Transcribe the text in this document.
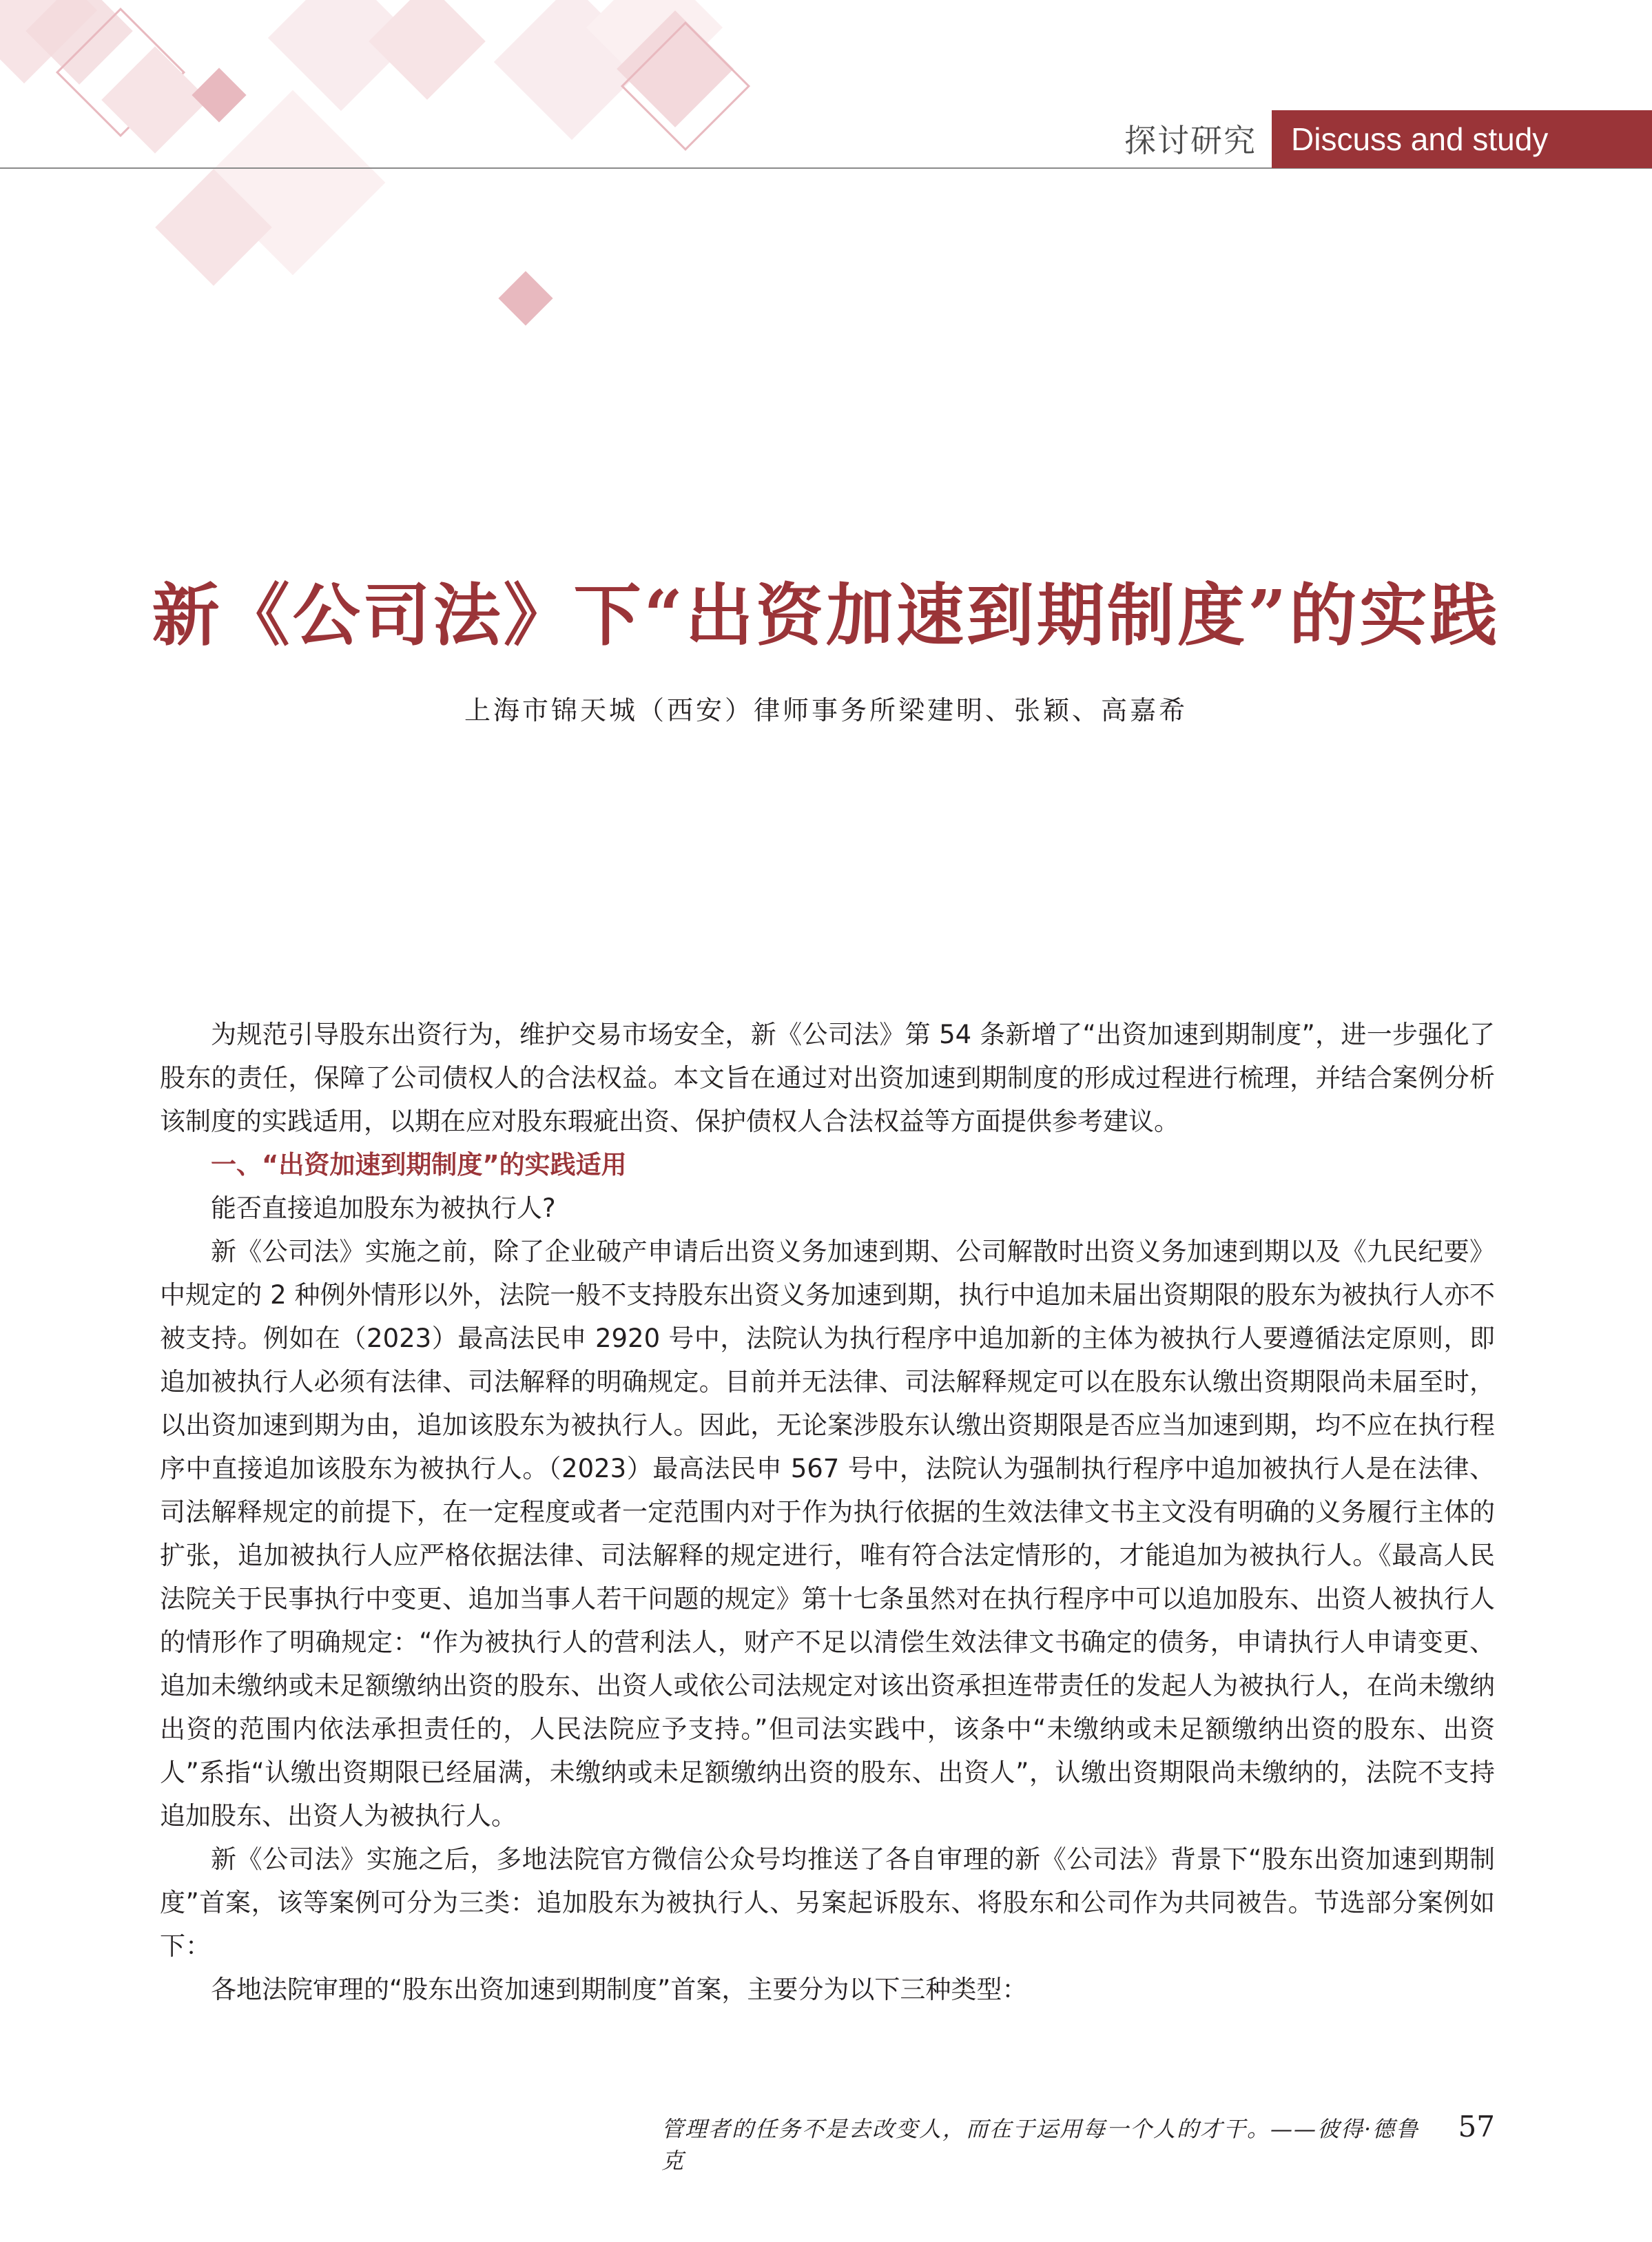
探讨研究	Discuss and study
新《公司法》下“出资加速到期制度”的实践
上海市锦天城（西安）律师事务所梁建明、张颖、高嘉希

为规范引导股东出资行为，维护交易市场安全，新《公司法》第 54 条新增了“出资加速到期制度”，进一步强化了股东的责任，保障了公司债权人的合法权益。本文旨在通过对出资加速到期制度的形成过程进行梳理，并结合案例分析该制度的实践适用，以期在应对股东瑕疵出资、保护债权人合法权益等方面提供参考建议。

一、“出资加速到期制度”的实践适用

能否直接追加股东为被执行人?

新《公司法》实施之前，除了企业破产申请后出资义务加速到期、公司解散时出资义务加速到期以及《九民纪要》中规定的 2 种例外情形以外，法院一般不支持股东出资义务加速到期，执行中追加未届出资期限的股东为被执行人亦不被支持。例如在（2023）最高法民申 2920 号中，法院认为执行程序中追加新的主体为被执行人要遵循法定原则，即追加被执行人必须有法律、司法解释的明确规定。目前并无法律、司法解释规定可以在股东认缴出资期限尚未届至时，以出资加速到期为由，追加该股东为被执行人。因此，无论案涉股东认缴出资期限是否应当加速到期，均不应在执行程序中直接追加该股东为被执行人。（2023）最高法民申 567 号中，法院认为强制执行程序中追加被执行人是在法律、司法解释规定的前提下，在一定程度或者一定范围内对于作为执行依据的生效法律文书主文没有明确的义务履行主体的扩张，追加被执行人应严格依据法律、司法解释的规定进行，唯有符合法定情形的，才能追加为被执行人。《最高人民法院关于民事执行中变更、追加当事人若干问题的规定》第十七条虽然对在执行程序中可以追加股东、出资人被执行人的情形作了明确规定：“作为被执行人的营利法人，财产不足以清偿生效法律文书确定的债务，申请执行人申请变更、追加未缴纳或未足额缴纳出资的股东、出资人或依公司法规定对该出资承担连带责任的发起人为被执行人，在尚未缴纳出资的范围内依法承担责任的，人民法院应予支持。”但司法实践中，该条中“未缴纳或未足额缴纳出资的股东、出资人”系指“认缴出资期限已经届满，未缴纳或未足额缴纳出资的股东、出资人”，认缴出资期限尚未缴纳的，法院不支持追加股东、出资人为被执行人。

新《公司法》实施之后，多地法院官方微信公众号均推送了各自审理的新《公司法》背景下“股东出资加速到期制度”首案，该等案例可分为三类：追加股东为被执行人、另案起诉股东、将股东和公司作为共同被告。节选部分案例如下：

各地法院审理的“股东出资加速到期制度”首案，主要分为以下三种类型：

管理者的任务不是去改变人，而在于运用每一个人的才干。——彼得·德鲁克
57
